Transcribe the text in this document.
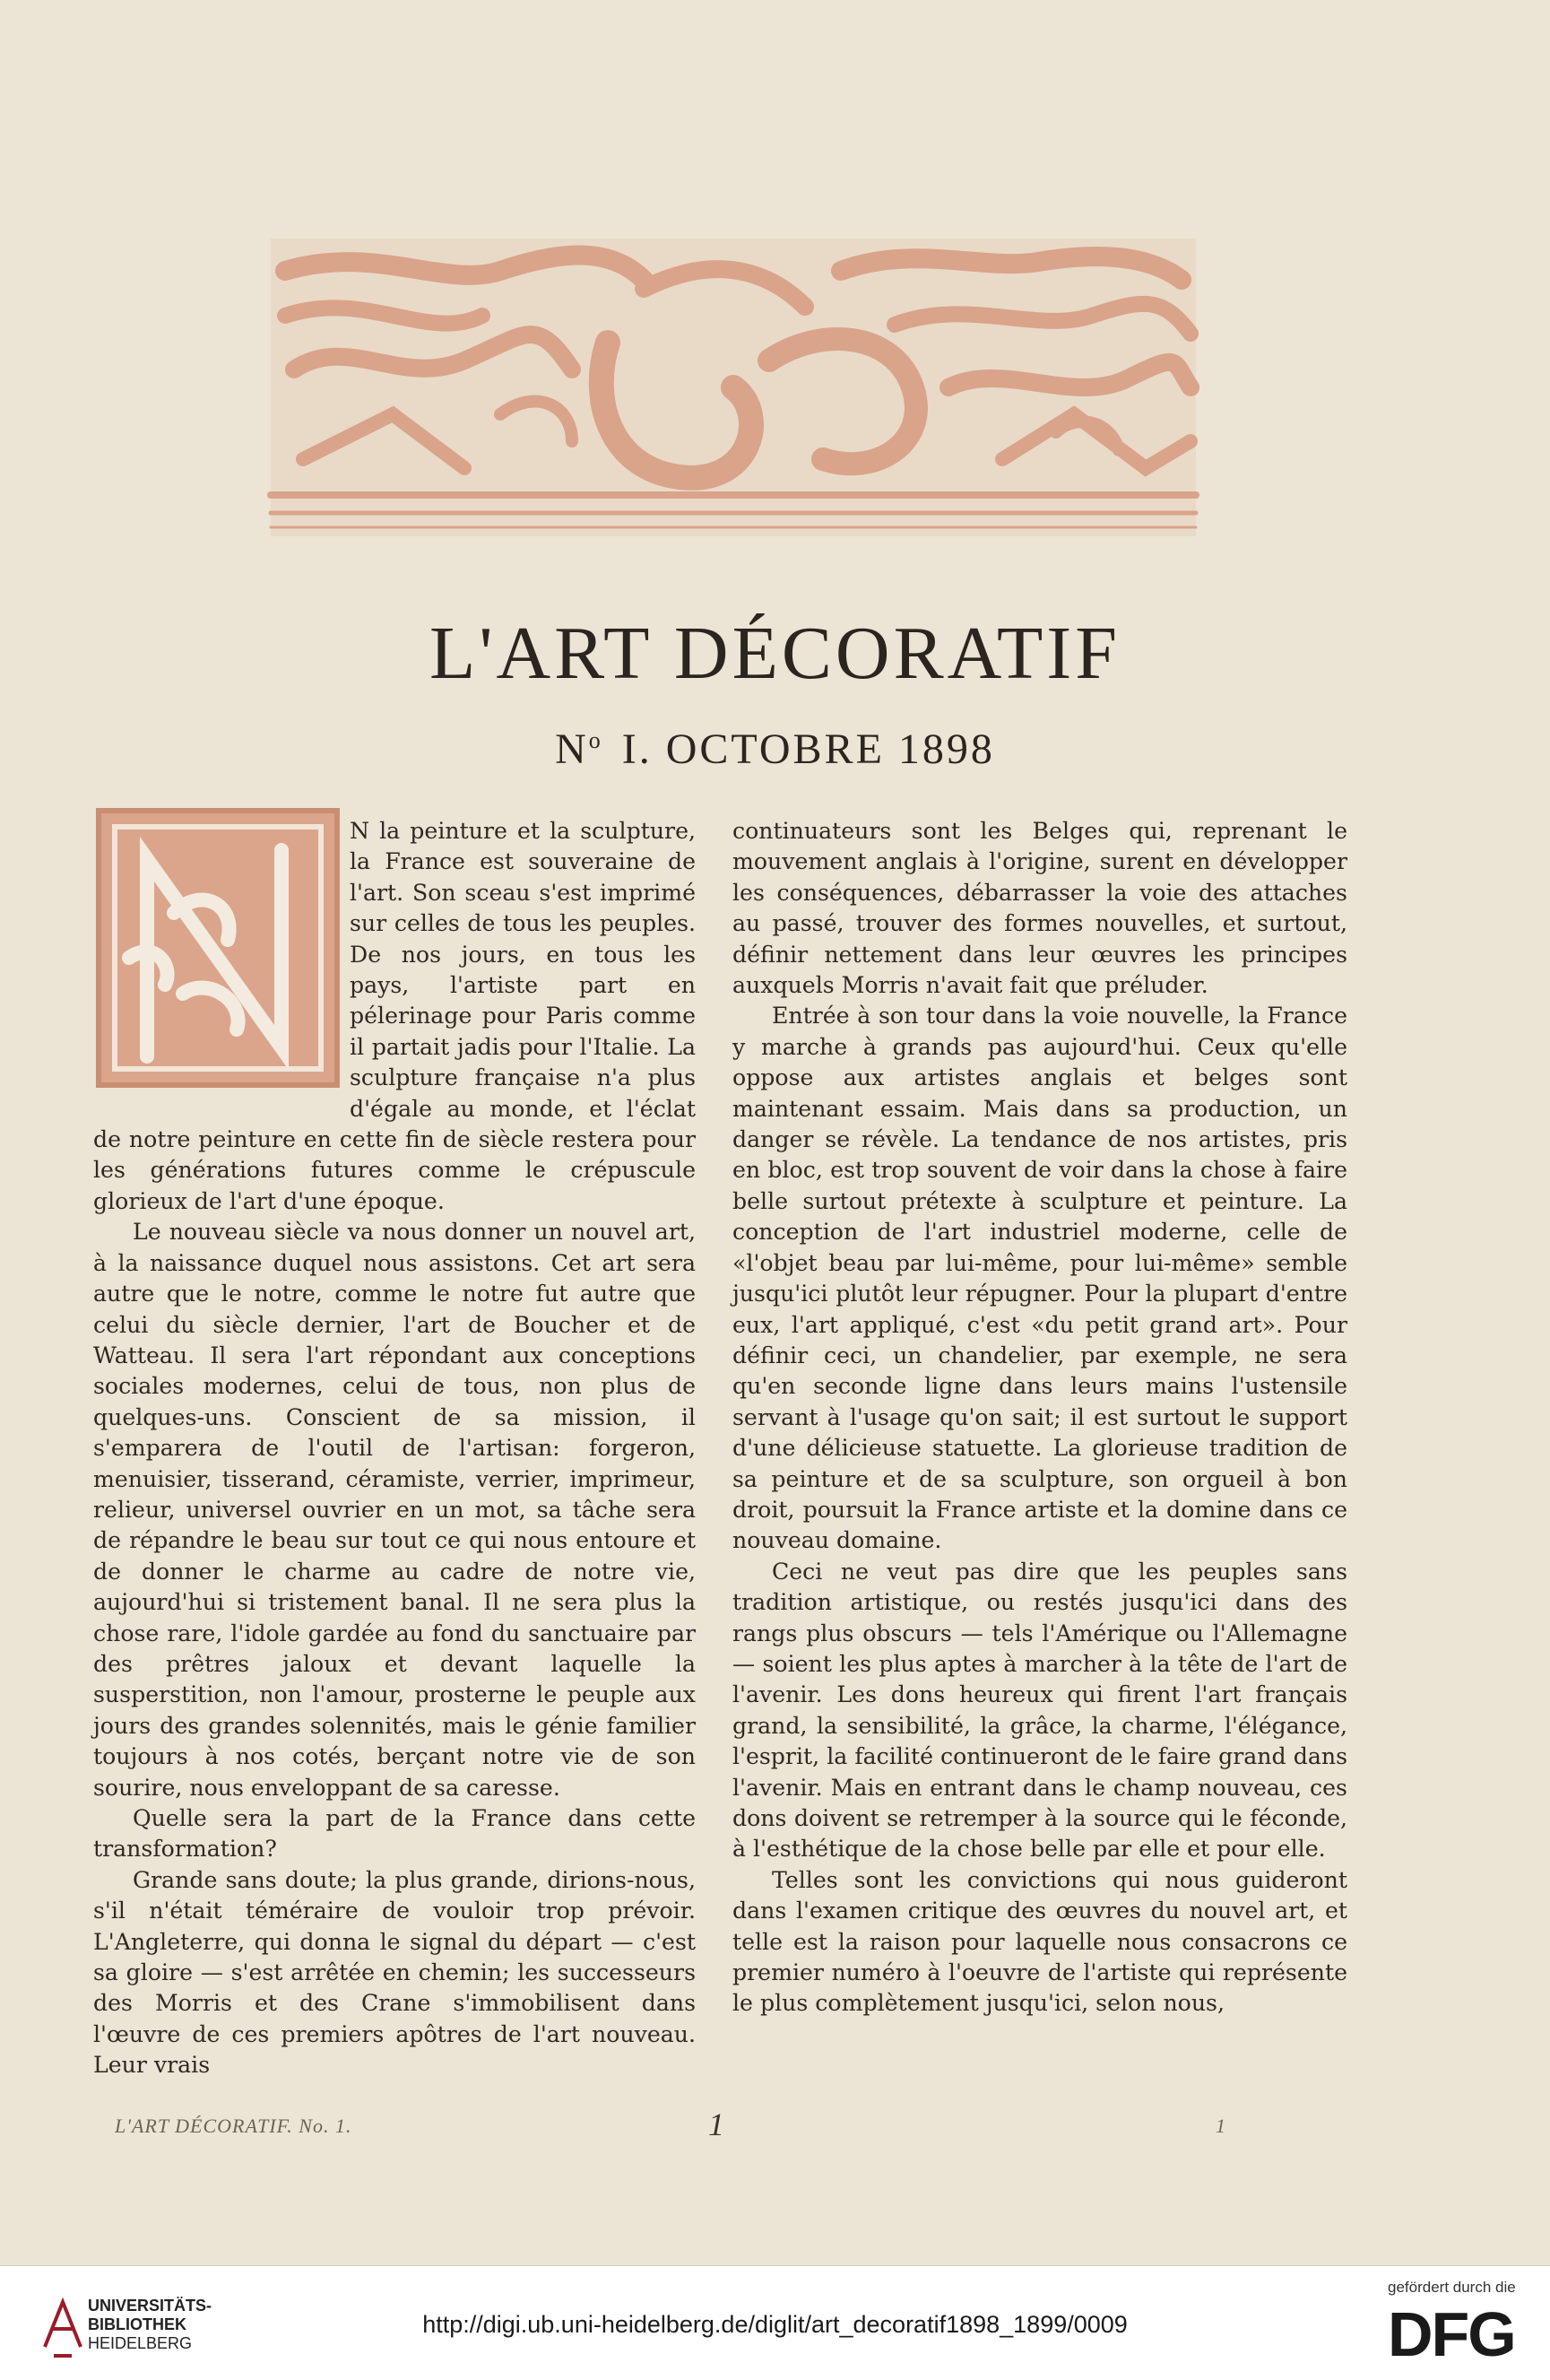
L'ART DÉCORATIF
$N^o$ I. OCTOBRE 1898

N la peinture et la sculpture, la France est souveraine de l'art. Son sceau s'est imprimé sur celles de tous les peuples. De nos jours, en tous les pays, l'artiste part en pélerinage pour Paris comme il partait jadis pour l'Italie. La sculpture française n'a plus d'égale au monde, et l'éclat de notre peinture en cette fin de siècle restera pour les générations futures comme le crépuscule glorieux de l'art d'une époque.

Le nouveau siècle va nous donner un nouvel art, à la naissance duquel nous assistons. Cet art sera autre que le notre, comme le notre fut autre que celui du siècle dernier, l'art de Boucher et de Watteau. Il sera l'art répondant aux conceptions sociales modernes, celui de tous, non plus de quelques-uns. Conscient de sa mission, il s'emparera de l'outil de l'artisan: forgeron, menuisier, tisserand, céramiste, verrier, imprimeur, relieur, universel ouvrier en un mot, sa tâche sera de répandre le beau sur tout ce qui nous entoure et de donner le charme au cadre de notre vie, aujourd'hui si tristement banal. Il ne sera plus la chose rare, l'idole gardée au fond du sanctuaire par des prêtres jaloux et devant laquelle la susperstition, non l'amour, prosterne le peuple aux jours des grandes solennités, mais le génie familier toujours à nos cotés, berçant notre vie de son sourire, nous enveloppant de sa caresse.

Quelle sera la part de la France dans cette transformation?

Grande sans doute; la plus grande, dirions-nous, s'il n'était téméraire de vouloir trop prévoir. L'Angleterre, qui donna le signal du départ — c'est sa gloire — s'est arrêtée en chemin; les successeurs des Morris et des Crane s'immobilisent dans l'œuvre de ces premiers apôtres de l'art nouveau. Leur vrais

continuateurs sont les Belges qui, reprenant le mouvement anglais à l'origine, surent en développer les conséquences, débarrasser la voie des attaches au passé, trouver des formes nouvelles, et surtout, définir nettement dans leur œuvres les principes auxquels Morris n'avait fait que préluder.

Entrée à son tour dans la voie nouvelle, la France y marche à grands pas aujourd'hui. Ceux qu'elle oppose aux artistes anglais et belges sont maintenant essaim. Mais dans sa production, un danger se révèle. La tendance de nos artistes, pris en bloc, est trop souvent de voir dans la chose à faire belle surtout prétexte à sculpture et peinture. La conception de l'art industriel moderne, celle de «l'objet beau par lui-même, pour lui-même» semble jusqu'ici plutôt leur répugner. Pour la plupart d'entre eux, l'art appliqué, c'est «du petit grand art». Pour définir ceci, un chandelier, par exemple, ne sera qu'en seconde ligne dans leurs mains l'ustensile servant à l'usage qu'on sait; il est surtout le support d'une délicieuse statuette. La glorieuse tradition de sa peinture et de sa sculpture, son orgueil à bon droit, poursuit la France artiste et la domine dans ce nouveau domaine.

Ceci ne veut pas dire que les peuples sans tradition artistique, ou restés jusqu'ici dans des rangs plus obscurs — tels l'Amérique ou l'Allemagne — soient les plus aptes à marcher à la tête de l'art de l'avenir. Les dons heureux qui firent l'art français grand, la sensibilité, la grâce, la charme, l'élégance, l'esprit, la facilité continueront de le faire grand dans l'avenir. Mais en entrant dans le champ nouveau, ces dons doivent se retremper à la source qui le féconde, à l'esthétique de la chose belle par elle et pour elle.

Telles sont les convictions qui nous guideront dans l'examen critique des œuvres du nouvel art, et telle est la raison pour laquelle nous consacrons ce premier numéro à l'oeuvre de l'artiste qui représente le plus complètement jusqu'ici, selon nous,

L'ART DÉCORATIF. No. 1.	1	1
UNIVERSITÄTS-
BIBLIOTHEK
HEIDELBERG
http://digi.ub.uni-heidelberg.de/diglit/art_decoratif1898_1899/0009
gefördert durch die
DFG
